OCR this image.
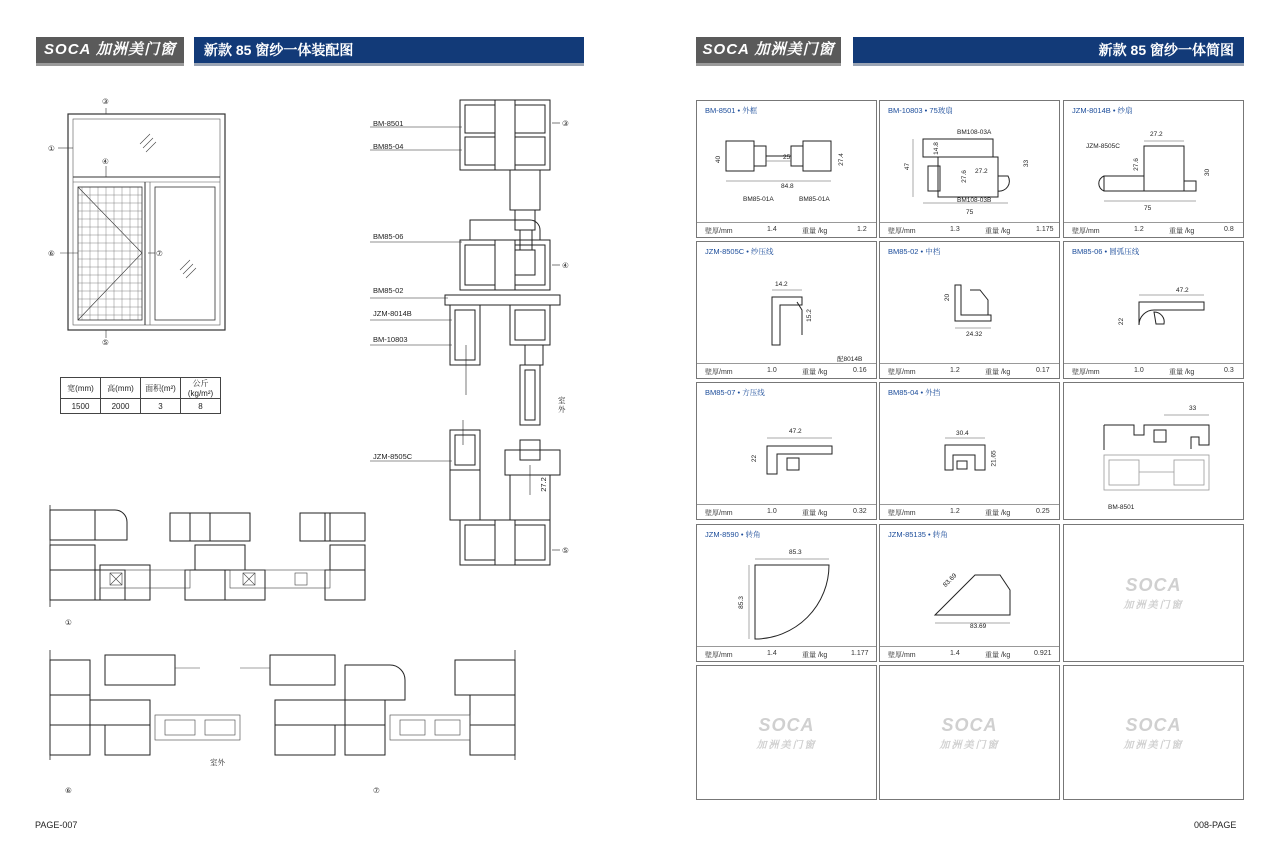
SOCA 加洲美门窗	新款 85 窗纱一体装配图
③
①
④
⑥	⑦
⑤
宽(mm)	高(mm)	面积(m²)	公斤(kg/m²)
1500	2000	3	8
BM-8501
BM85-04
BM85-06
BM85-02
JZM-8014B
BM-10803
JZM-8505C
③
④
⑤
27.2
室外
①
室外
⑥	⑦
PAGE-007
SOCA 加洲美门窗	新款 85 窗纱一体简图
BM-8501 • 外框
40	25	27.4
84.8
BM85-01A	BM85-01A
壁厚/mm	1.4	重量 /kg	1.2
BM-10803 • 75玻扇
BM108-03A
14.8
47
27.6 27.2
33
BM108-03B
75
壁厚/mm	1.3	重量 /kg	1.175
JZM-8014B • 纱扇
27.2
JZM-8505C
27.6
30
75
壁厚/mm	1.2	重量 /kg	0.8
JZM-8505C • 纱压线
14.2
15.2
配8014B
壁厚/mm	1.0	重量 /kg	0.16
BM85-02 • 中档
20
24.32
壁厚/mm	1.2	重量 /kg	0.17
BM85-06 • 圆弧压线
47.2
22
壁厚/mm	1.0	重量 /kg	0.3
BM85-07 • 方压线
47.2
22
壁厚/mm	1.0	重量 /kg	0.32
BM85-04 • 外挡
30.4
21.65
壁厚/mm	1.2	重量 /kg	0.25
33
BM-8501
JZM-8590 • 转角
85.3
85.3
壁厚/mm	1.4	重量 /kg	1.177
JZM-85135 • 转角
83.69
83.69
壁厚/mm	1.4	重量 /kg	0.921
SOCA
加洲美门窗
SOCA
加洲美门窗
SOCA
加洲美门窗
SOCA
加洲美门窗
008-PAGE
